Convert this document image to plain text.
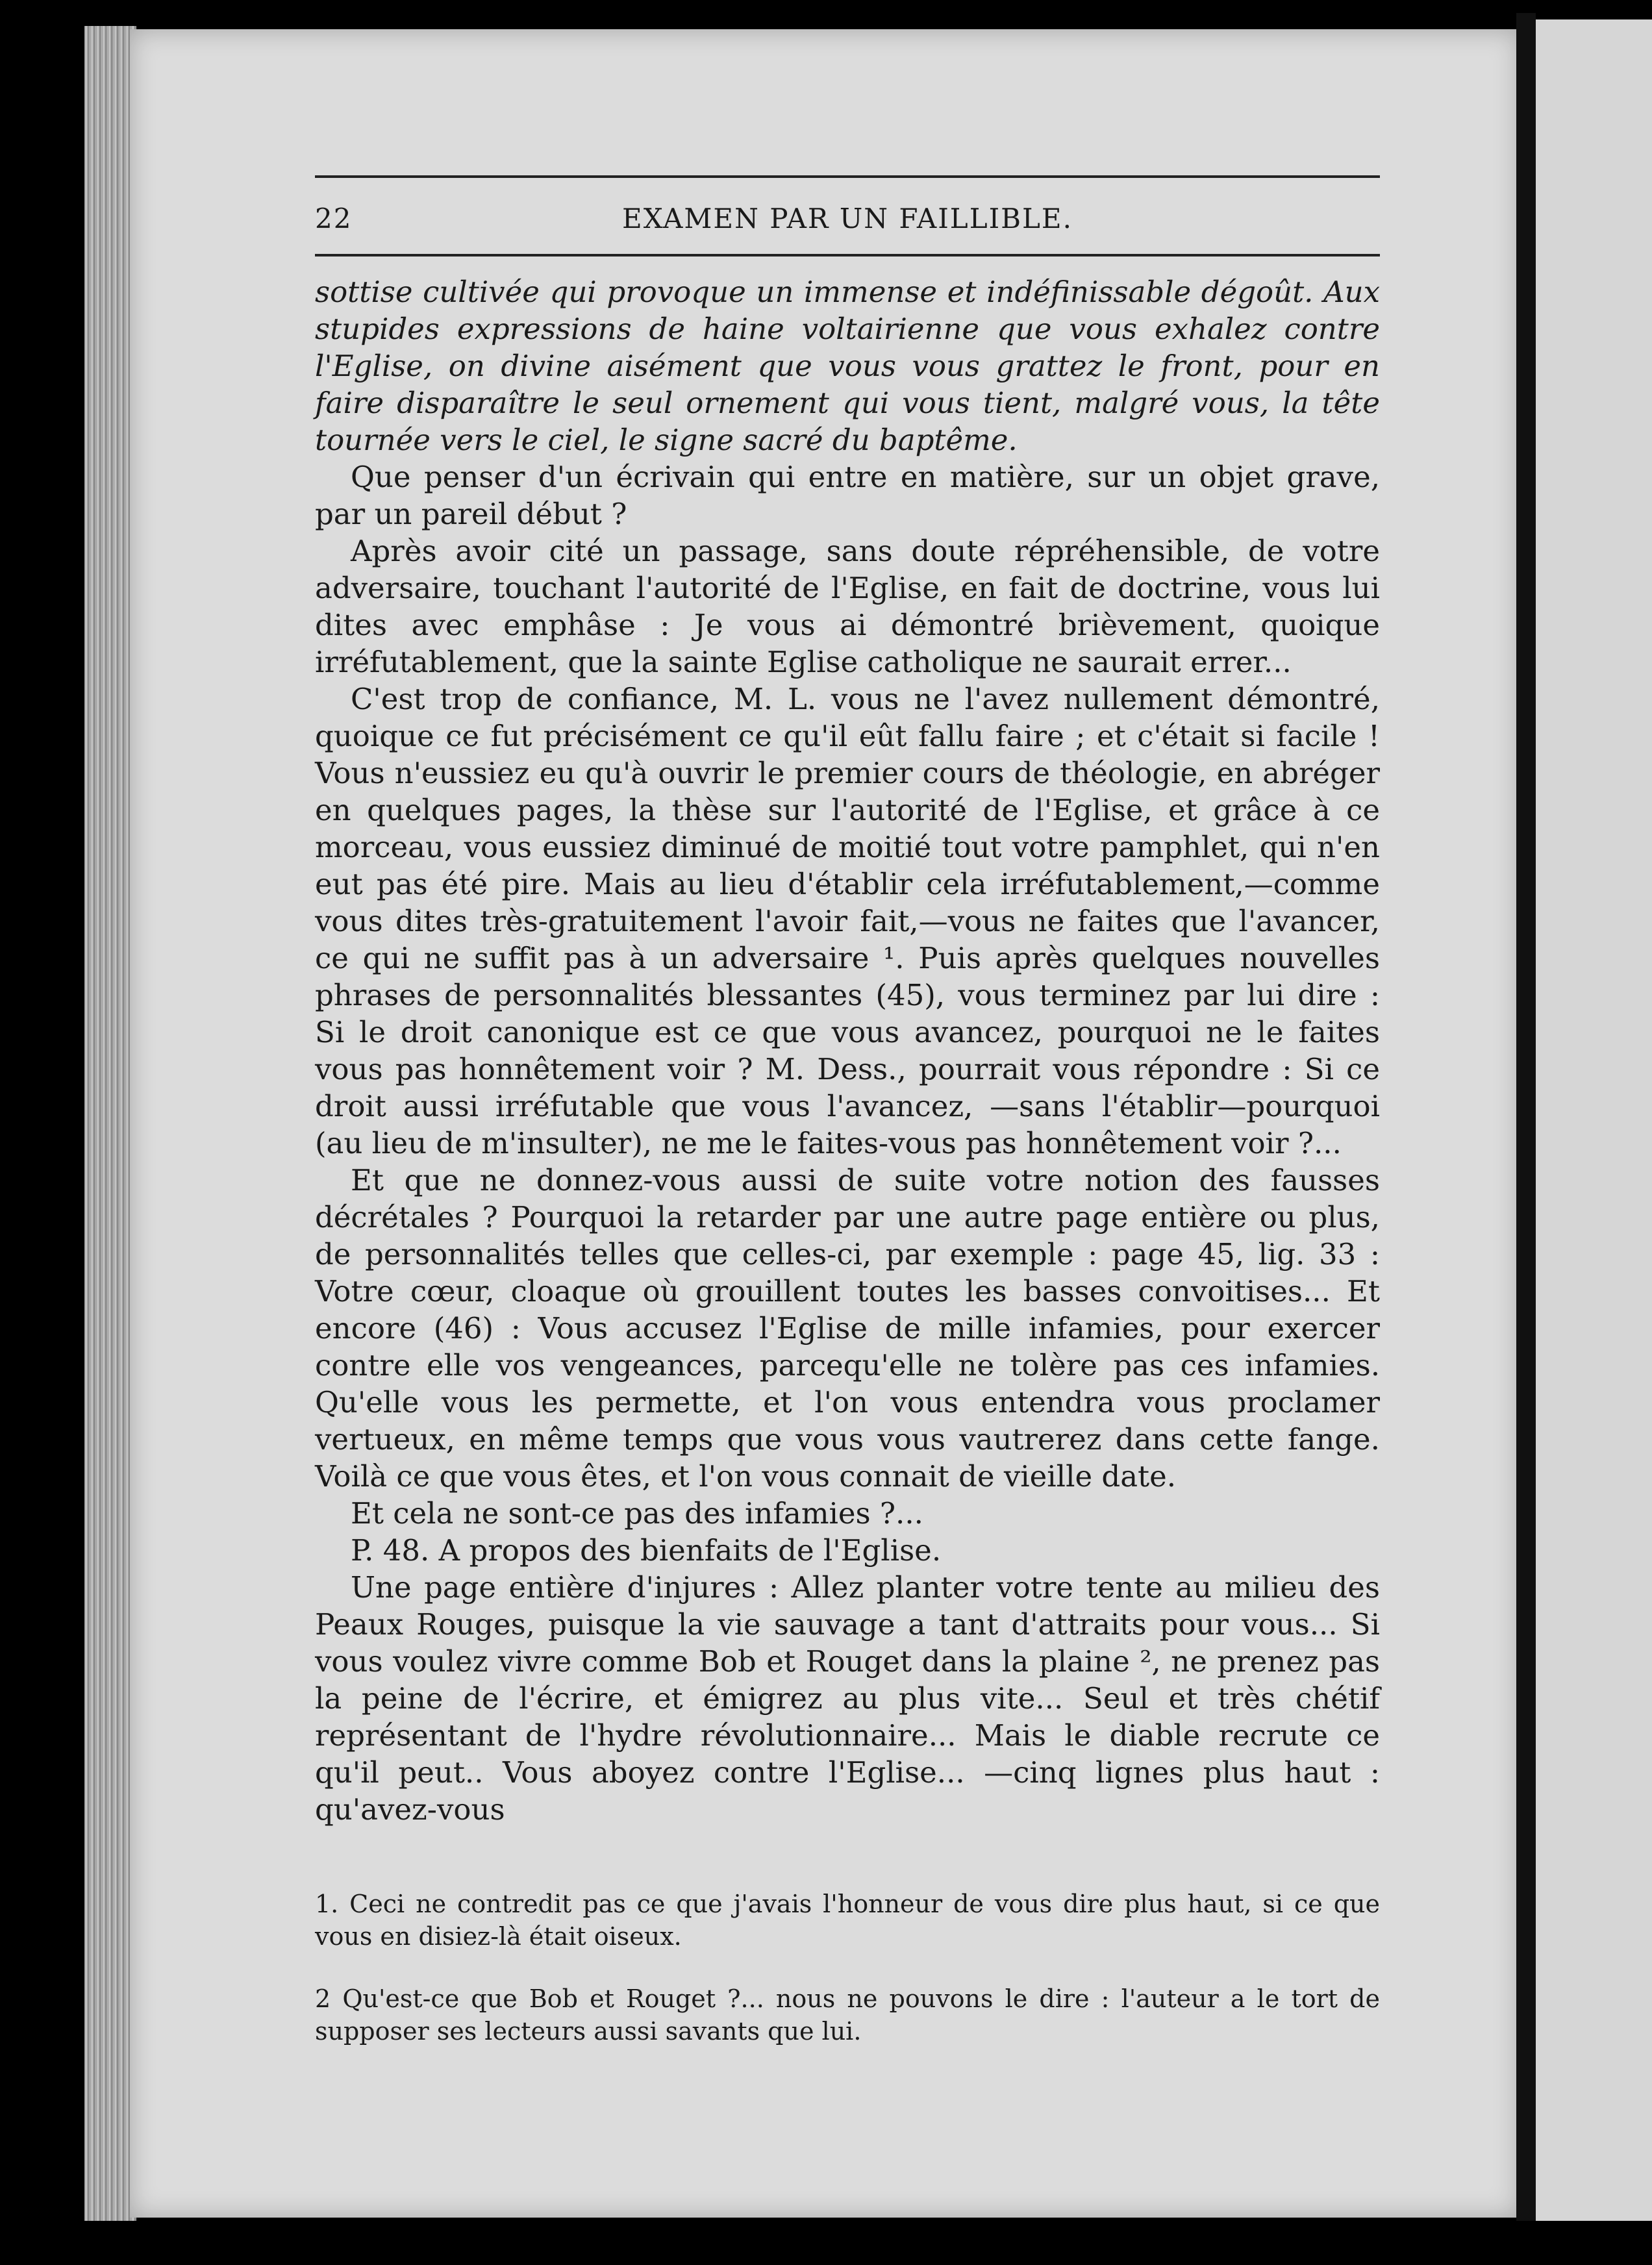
22	EXAMEN PAR UN FAILLIBLE.

sottise cultivée qui provoque un immense et indéfinissable dégoût. Aux stupides expressions de haine voltairienne que vous exhalez contre l'Eglise, on divine aisément que vous vous grattez le front, pour en faire disparaître le seul ornement qui vous tient, malgré vous, la tête tournée vers le ciel, le signe sacré du baptême.

Que penser d'un écrivain qui entre en matière, sur un objet grave, par un pareil début ?

Après avoir cité un passage, sans doute répréhensible, de votre adversaire, touchant l'autorité de l'Eglise, en fait de doctrine, vous lui dites avec emphâse : Je vous ai démontré brièvement, quoique irréfutablement, que la sainte Eglise catholique ne saurait errer...

C'est trop de confiance, M. L. vous ne l'avez nullement démontré, quoique ce fut précisément ce qu'il eût fallu faire ; et c'était si facile ! Vous n'eussiez eu qu'à ouvrir le premier cours de théologie, en abréger en quelques pages, la thèse sur l'autorité de l'Eglise, et grâce à ce morceau, vous eussiez diminué de moitié tout votre pamphlet, qui n'en eut pas été pire. Mais au lieu d'établir cela irréfutablement,—comme vous dites très-gratuitement l'avoir fait,—vous ne faites que l'avancer, ce qui ne suffit pas à un adversaire ¹. Puis après quelques nouvelles phrases de personnalités blessantes (45), vous terminez par lui dire : Si le droit canonique est ce que vous avancez, pourquoi ne le faites vous pas honnêtement voir ? M. Dess., pourrait vous répondre : Si ce droit aussi irréfutable que vous l'avancez, —sans l'établir—pourquoi (au lieu de m'insulter), ne me le faites-vous pas honnêtement voir ?...

Et que ne donnez-vous aussi de suite votre notion des fausses décrétales ? Pourquoi la retarder par une autre page entière ou plus, de personnalités telles que celles-ci, par exemple : page 45, lig. 33 : Votre cœur, cloaque où grouillent toutes les basses convoitises... Et encore (46) : Vous accusez l'Eglise de mille infamies, pour exercer contre elle vos vengeances, parcequ'elle ne tolère pas ces infamies. Qu'elle vous les permette, et l'on vous entendra vous proclamer vertueux, en même temps que vous vous vautrerez dans cette fange. Voilà ce que vous êtes, et l'on vous connait de vieille date.

Et cela ne sont-ce pas des infamies ?...

P. 48. A propos des bienfaits de l'Eglise.

Une page entière d'injures : Allez planter votre tente au milieu des Peaux Rouges, puisque la vie sauvage a tant d'attraits pour vous... Si vous voulez vivre comme Bob et Rouget dans la plaine ², ne prenez pas la peine de l'écrire, et émigrez au plus vite... Seul et très chétif représentant de l'hydre révolutionnaire... Mais le diable recrute ce qu'il peut.. Vous aboyez contre l'Eglise... —cinq lignes plus haut : qu'avez-vous

1. Ceci ne contredit pas ce que j'avais l'honneur de vous dire plus haut, si ce que vous en disiez-là était oiseux.

2 Qu'est-ce que Bob et Rouget ?... nous ne pouvons le dire : l'auteur a le tort de supposer ses lecteurs aussi savants que lui.
